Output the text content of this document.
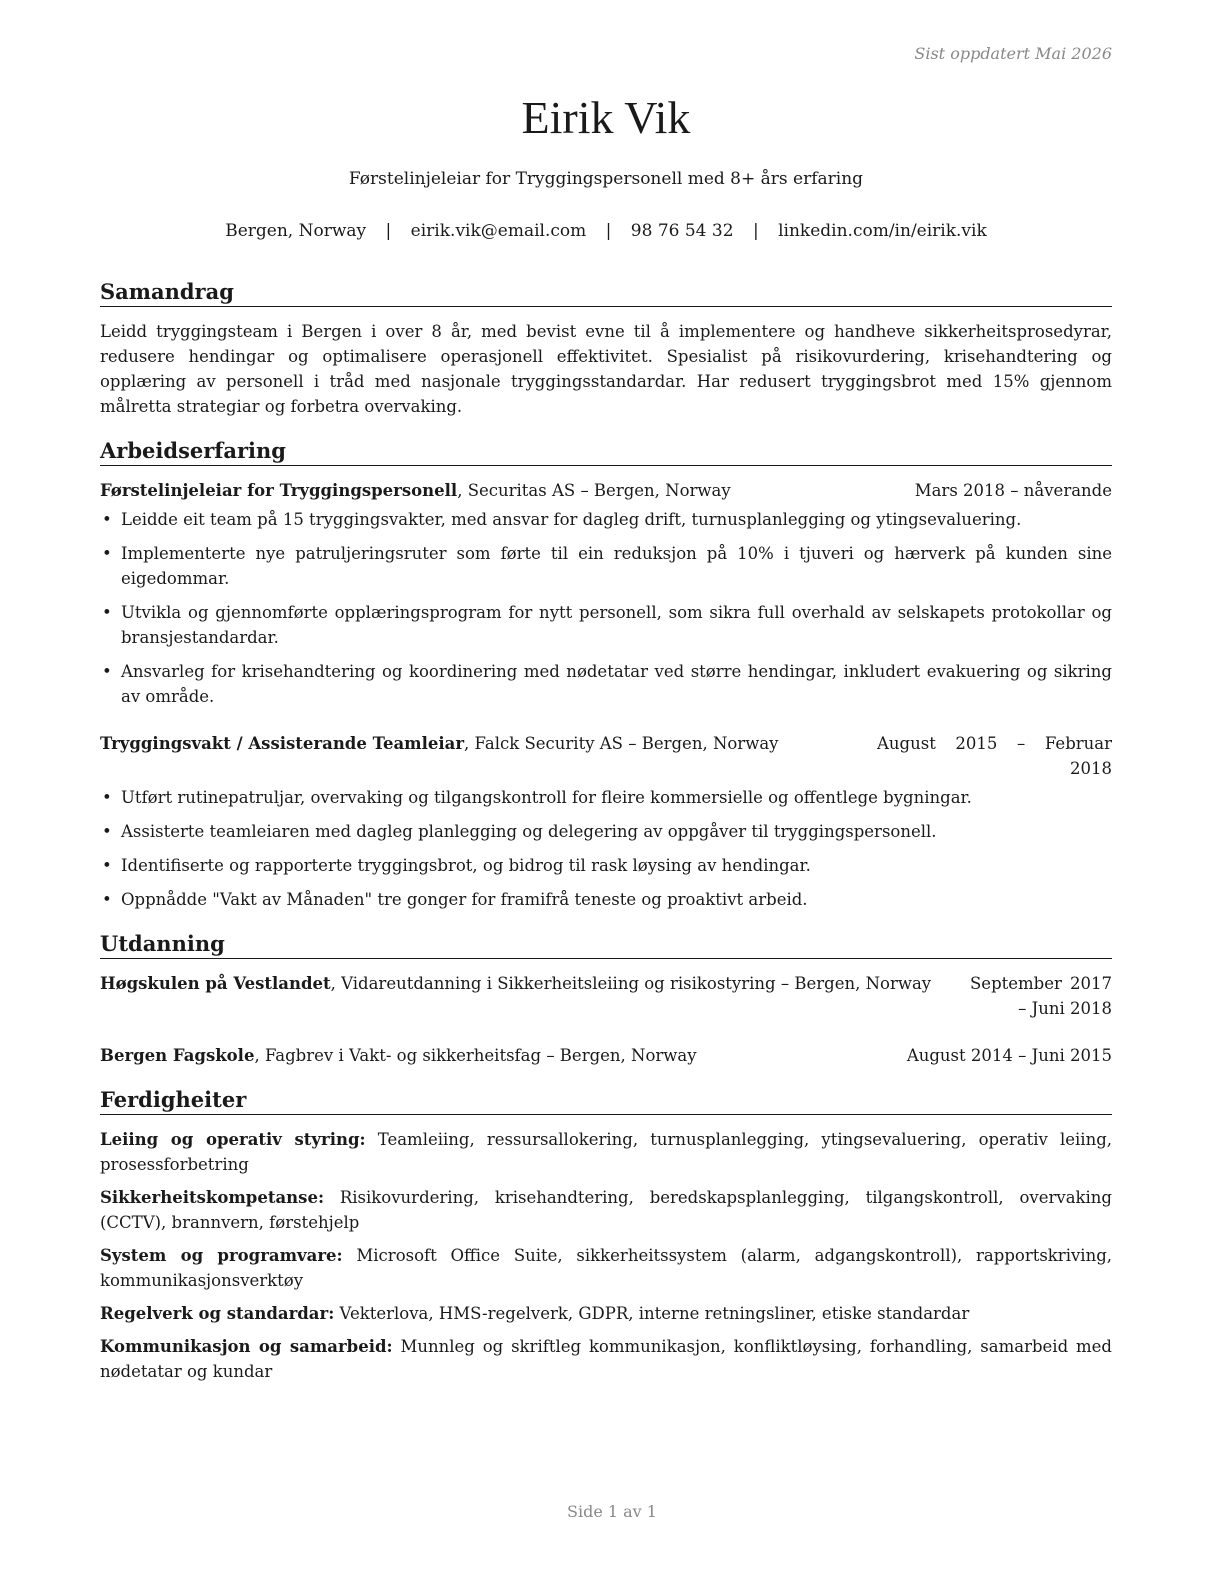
Sist oppdatert Mai 2026
Eirik Vik
Førstelinjeleiar for Tryggingspersonell med 8+ års erfaring
Bergen, Norway | eirik.vik@email.com | 98 76 54 32 | linkedin.com/in/eirik.vik
Samandrag
Leidd tryggingsteam i Bergen i over 8 år, med bevist evne til å implementere og handheve sikkerheitsprosedyrar, redusere hendingar og optimalisere operasjonell effektivitet. Spesialist på risikovurdering, krisehandtering og opplæring av personell i tråd med nasjonale tryggingsstandardar. Har redusert tryggingsbrot med 15% gjennom målretta strategiar og forbetra overvaking.
Arbeidserfaring
Førstelinjeleiar for Tryggingspersonell, Securitas AS – Bergen, Norway	Mars 2018 – nåverande
• Leidde eit team på 15 tryggingsvakter, med ansvar for dagleg drift, turnusplanlegging og ytingsevaluering.
• Implementerte nye patruljeringsruter som førte til ein reduksjon på 10% i tjuveri og hærverk på kunden sine eigedommar.
• Utvikla og gjennomførte opplæringsprogram for nytt personell, som sikra full overhald av selskapets protokollar og bransjestandardar.
• Ansvarleg for krisehandtering og koordinering med nødetatar ved større hendingar, inkludert evakuering og sikring av område.
Tryggingsvakt / Assisterande Teamleiar, Falck Security AS – Bergen, Norway	August 2015 – Februar 2018
• Utført rutinepatruljar, overvaking og tilgangskontroll for fleire kommersielle og offentlege bygningar.
• Assisterte teamleiaren med dagleg planlegging og delegering av oppgåver til tryggingspersonell.
• Identifiserte og rapporterte tryggingsbrot, og bidrog til rask løysing av hendingar.
• Oppnådde "Vakt av Månaden" tre gonger for framifrå teneste og proaktivt arbeid.
Utdanning
Høgskulen på Vestlandet, Vidareutdanning i Sikkerheitsleiing og risikostyring – Bergen, Norway	September 2017 – Juni 2018
Bergen Fagskole, Fagbrev i Vakt- og sikkerheitsfag – Bergen, Norway	August 2014 – Juni 2015
Ferdigheiter
Leiing og operativ styring: Teamleiing, ressursallokering, turnusplanlegging, ytingsevaluering, operativ leiing, prosessforbetring
Sikkerheitskompetanse: Risikovurdering, krisehandtering, beredskapsplanlegging, tilgangskontroll, overvaking (CCTV), brannvern, førstehjelp
System og programvare: Microsoft Office Suite, sikkerheitssystem (alarm, adgangskontroll), rapportskriving, kommunikasjonsverktøy
Regelverk og standardar: Vekterlova, HMS-regelverk, GDPR, interne retningsliner, etiske standardar
Kommunikasjon og samarbeid: Munnleg og skriftleg kommunikasjon, konfliktløysing, forhandling, samarbeid med nødetatar og kundar
Side 1 av 1
